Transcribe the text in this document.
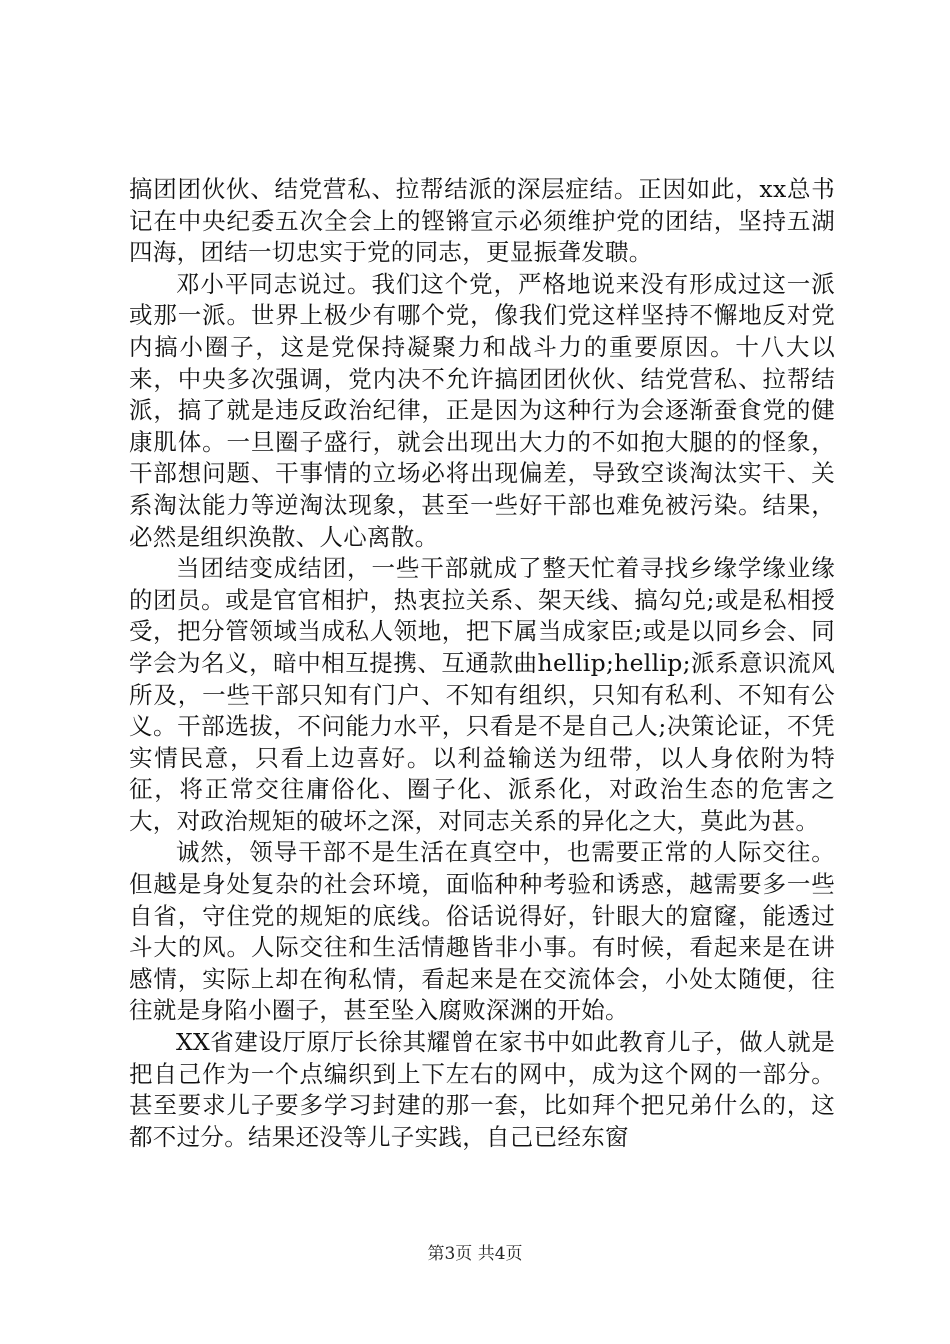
搞团团伙伙、结党营私、拉帮结派的深层症结。正因如此，xx总书记在中央纪委五次全会上的铿锵宣示必须维护党的团结，坚持五湖四海，团结一切忠实于党的同志，更显振聋发聩。

邓小平同志说过。我们这个党，严格地说来没有形成过这一派或那一派。世界上极少有哪个党，像我们党这样坚持不懈地反对党内搞小圈子，这是党保持凝聚力和战斗力的重要原因。十八大以来，中央多次强调，党内决不允许搞团团伙伙、结党营私、拉帮结派，搞了就是违反政治纪律，正是因为这种行为会逐渐蚕食党的健康肌体。一旦圈子盛行，就会出现出大力的不如抱大腿的的怪象，干部想问题、干事情的立场必将出现偏差，导致空谈淘汰实干、关系淘汰能力等逆淘汰现象，甚至一些好干部也难免被污染。结果，必然是组织涣散、人心离散。

当团结变成结团，一些干部就成了整天忙着寻找乡缘学缘业缘的团员。或是官官相护，热衷拉关系、架天线、搞勾兑;或是私相授受，把分管领域当成私人领地，把下属当成家臣;或是以同乡会、同学会为名义，暗中相互提携、互通款曲hellip;hellip;派系意识流风所及，一些干部只知有门户、不知有组织，只知有私利、不知有公义。干部选拔，不问能力水平，只看是不是自己人;决策论证，不凭实情民意，只看上边喜好。以利益输送为纽带，以人身依附为特征，将正常交往庸俗化、圈子化、派系化，对政治生态的危害之大，对政治规矩的破坏之深，对同志关系的异化之大，莫此为甚。

诚然，领导干部不是生活在真空中，也需要正常的人际交往。但越是身处复杂的社会环境，面临种种考验和诱惑，越需要多一些自省，守住党的规矩的底线。俗话说得好，针眼大的窟窿，能透过斗大的风。人际交往和生活情趣皆非小事。有时候，看起来是在讲感情，实际上却在徇私情，看起来是在交流体会，小处太随便，往往就是身陷小圈子，甚至坠入腐败深渊的开始。

XX省建设厅原厅长徐其耀曾在家书中如此教育儿子，做人就是把自己作为一个点编织到上下左右的网中，成为这个网的一部分。甚至要求儿子要多学习封建的那一套，比如拜个把兄弟什么的，这都不过分。结果还没等儿子实践，自己已经东窗

第3页 共4页
